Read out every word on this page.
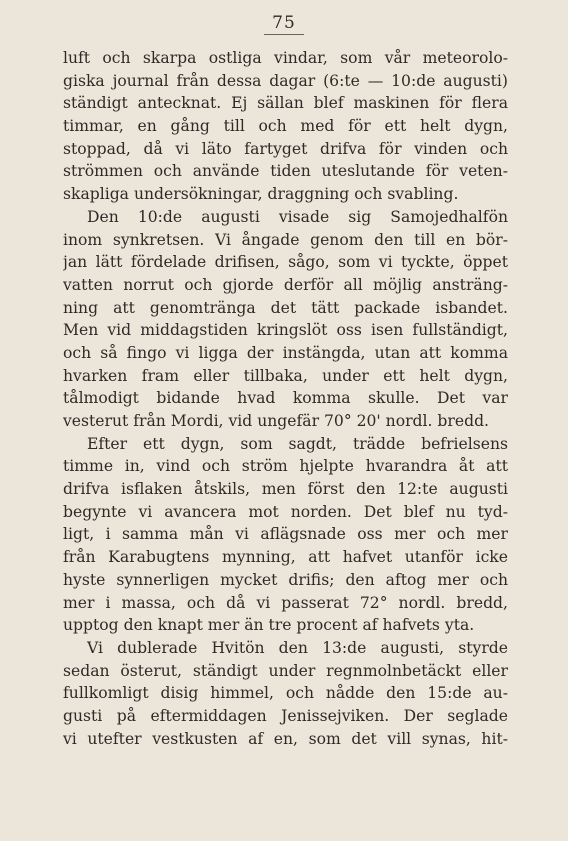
75
luft och skarpa ostliga vindar, som vår meteorolo-
giska journal från dessa dagar (6:te — 10:de augusti)
ständigt antecknat. Ej sällan blef maskinen för flera
timmar, en gång till och med för ett helt dygn,
stoppad, då vi läto fartyget drifva för vinden och
strömmen och använde tiden uteslutande för veten-
skapliga undersökningar, draggning och svabling.
Den 10:de augusti visade sig Samojedhalfön
inom synkretsen. Vi ångade genom den till en bör-
jan lätt fördelade drifisen, sågo, som vi tyckte, öppet
vatten norrut och gjorde derför all möjlig ansträng-
ning att genomtränga det tätt packade isbandet.
Men vid middagstiden kringslöt oss isen fullständigt,
och så fingo vi ligga der instängda, utan att komma
hvarken fram eller tillbaka, under ett helt dygn,
tålmodigt bidande hvad komma skulle. Det var
vesterut från Mordi, vid ungefär 70° 20' nordl. bredd.
Efter ett dygn, som sagdt, trädde befrielsens
timme in, vind och ström hjelpte hvarandra åt att
drifva isflaken åtskils, men först den 12:te augusti
begynte vi avancera mot norden. Det blef nu tyd-
ligt, i samma mån vi aflägsnade oss mer och mer
från Karabugtens mynning, att hafvet utanför icke
hyste synnerligen mycket drifis; den aftog mer och
mer i massa, och då vi passerat 72° nordl. bredd,
upptog den knapt mer än tre procent af hafvets yta.
Vi dublerade Hvitön den 13:de augusti, styrde
sedan österut, ständigt under regnmolnbetäckt eller
fullkomligt disig himmel, och nådde den 15:de au-
gusti på eftermiddagen Jenissejviken. Der seglade
vi utefter vestkusten af en, som det vill synas, hit-
